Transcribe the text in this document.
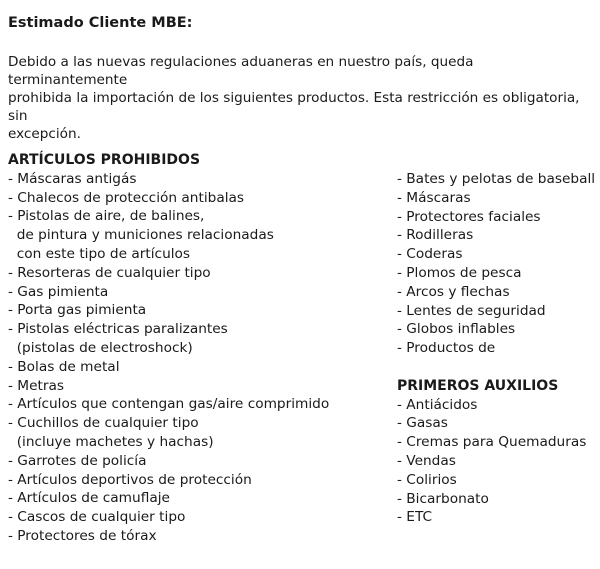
Estimado Cliente MBE:

Debido a las nuevas regulaciones aduaneras en nuestro país, queda terminantemente
prohibida la importación de los siguientes productos. Esta restricción es obligatoria, sin
excepción.

ARTÍCULOS PROHIBIDOS

- Máscaras antigás
- Chalecos de protección antibalas
- Pistolas de aire, de balines,
de pintura y municiones relacionadas
con este tipo de artículos
- Resorteras de cualquier tipo
- Gas pimienta
- Porta gas pimienta
- Pistolas eléctricas paralizantes
(pistolas de electroshock)
- Bolas de metal
- Metras
- Artículos que contengan gas/aire comprimido
- Cuchillos de cualquier tipo
(incluye machetes y hachas)
- Garrotes de policía
- Artículos deportivos de protección
- Artículos de camuflaje
- Cascos de cualquier tipo
- Protectores de tórax
- Bates y pelotas de baseball
- Máscaras
- Protectores faciales
- Rodilleras
- Coderas
- Plomos de pesca
- Arcos y flechas
- Lentes de seguridad
- Globos inflables
- Productos de

PRIMEROS AUXILIOS

- Antiácidos
- Gasas
- Cremas para Quemaduras
- Vendas
- Colirios
- Bicarbonato
- ETC
